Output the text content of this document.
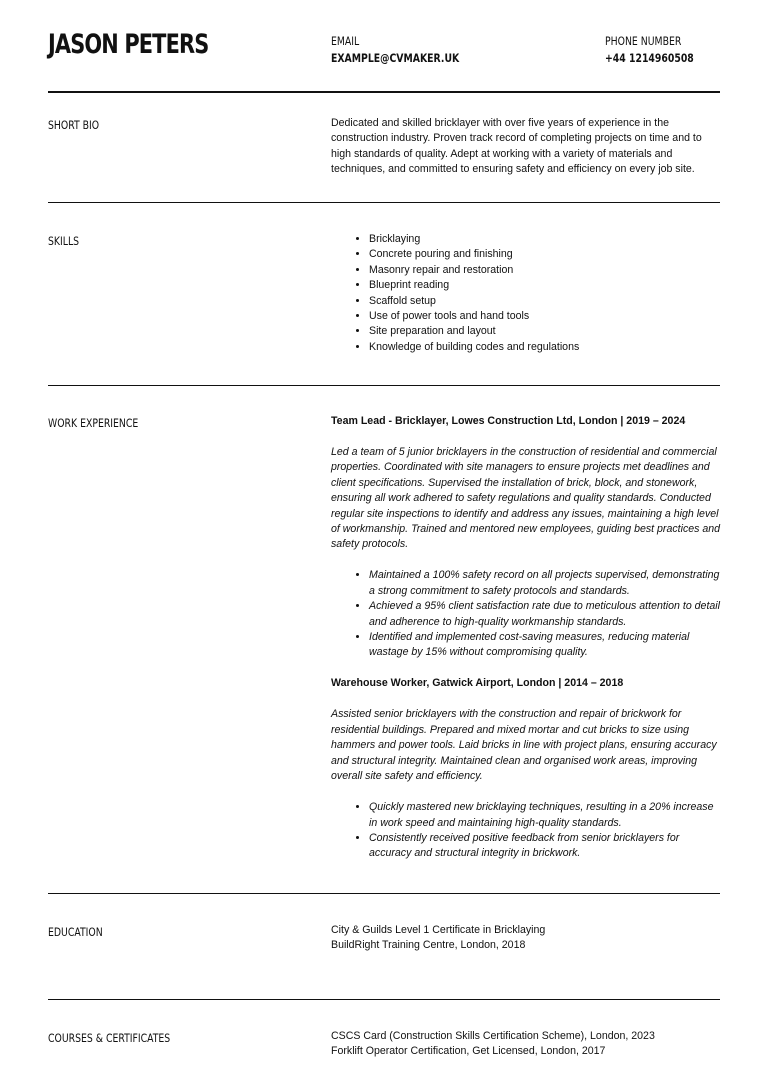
JASON PETERS	EMAIL
EXAMPLE@CVMAKER.UK
PHONE NUMBER
+44 1214960508
SHORT BIO	Dedicated and skilled bricklayer with over five years of experience in the construction industry. Proven track record of completing projects on time and to high standards of quality. Adept at working with a variety of materials and techniques, and committed to ensuring safety and efficiency on every job site.

SKILLS
•	Bricklaying
• Concrete pouring and finishing
• Masonry repair and restoration
• Blueprint reading
• Scaffold setup
• Use of power tools and hand tools
• Site preparation and layout
• Knowledge of building codes and regulations
WORK EXPERIENCE	Team Lead - Bricklayer, Lowes Construction Ltd, London | 2019 – 2024

Led a team of 5 junior bricklayers in the construction of residential and commercial properties. Coordinated with site managers to ensure projects met deadlines and client specifications. Supervised the installation of brick, block, and stonework, ensuring all work adhered to safety regulations and quality standards. Conducted regular site inspections to identify and address any issues, maintaining a high level of workmanship. Trained and mentored new employees, guiding best practices and safety protocols.

• Maintained a 100% safety record on all projects supervised, demonstrating a strong commitment to safety protocols and standards.
• Achieved a 95% client satisfaction rate due to meticulous attention to detail and adherence to high-quality workmanship standards.
• Identified and implemented cost-saving measures, reducing material wastage by 15% without compromising quality.

Warehouse Worker, Gatwick Airport, London | 2014 – 2018

Assisted senior bricklayers with the construction and repair of brickwork for residential buildings. Prepared and mixed mortar and cut bricks to size using hammers and power tools. Laid bricks in line with project plans, ensuring accuracy and structural integrity. Maintained clean and organised work areas, improving overall site safety and efficiency.

• Quickly mastered new bricklaying techniques, resulting in a 20% increase in work speed and maintaining high-quality standards.
• Consistently received positive feedback from senior bricklayers for accuracy and structural integrity in brickwork.
EDUCATION	City & Guilds Level 1 Certificate in Bricklaying

BuildRight Training Centre, London, 2018

COURSES & CERTIFICATES	CSCS Card (Construction Skills Certification Scheme), London, 2023

Forklift Operator Certification, Get Licensed, London, 2017
